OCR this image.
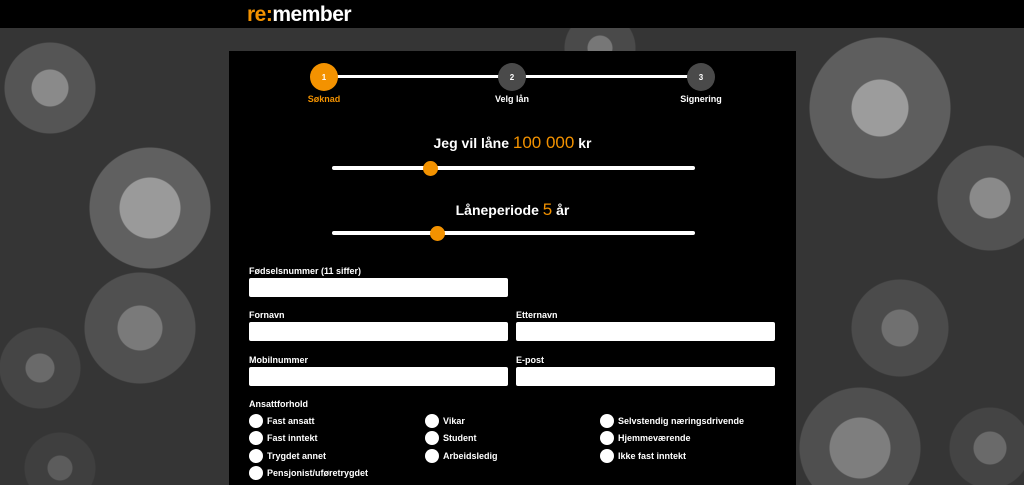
re:member
1
Søknad
2
Velg lån
3
Signering
Jeg vil låne 100 000 kr
Låneperiode 5 år
Fødselsnummer (11 siffer)
Fornavn	Etternavn
Mobilnummer	E-post
Ansattforhold
Fast ansatt	Vikar	Selvstendig næringsdrivende
Fast inntekt	Student	Hjemmeværende
Trygdet annet	Arbeidsledig	Ikke fast inntekt
Pensjonist/uføretrygdet
